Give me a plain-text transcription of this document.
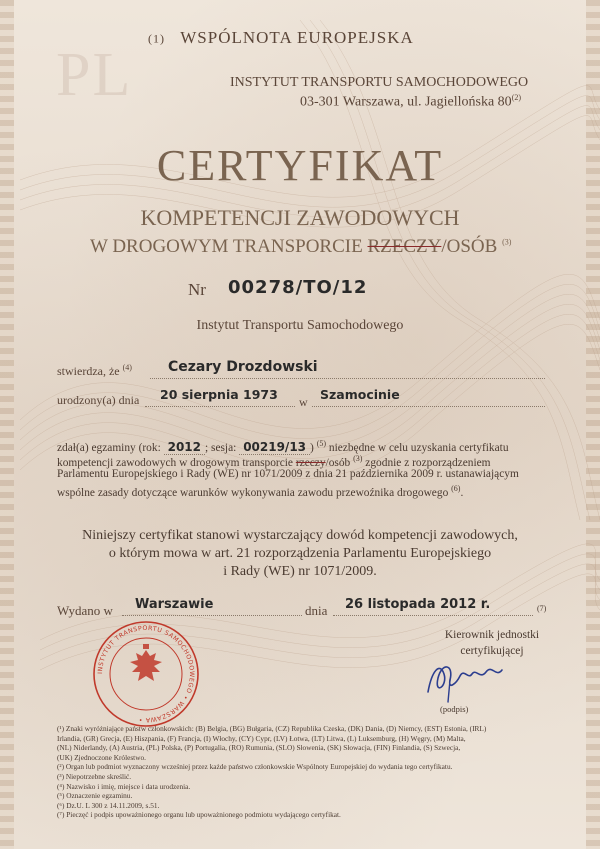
PL
(1) WSPÓLNOTA EUROPEJSKA
INSTYTUT TRANSPORTU SAMOCHODOWEGO
03-301 Warszawa, ul. Jagiellońska 80$^{(2)}$
CERTYFIKAT
KOMPETENCJI ZAWODOWYCH
W DROGOWYM TRANSPORCIE RZECZY/OSÓB $^{(3)}$
Nr 00278/TO/12
Instytut Transportu Samochodowego
stwierdza, że $^{(4)}$	Cezary Drozdowski
urodzony(a) dnia 20 sierpnia 1973 w Szamocinie
zdał(a) egzaminy (rok: 2012 ; sesja: 00219/13 ) $^{(5)}$ niezbędne w celu uzyskania certyfikatu
kompetencji zawodowych w drogowym transporcie rzeczy/osób $^{(3)}$ zgodnie z rozporządzeniem
Parlamentu Europejskiego i Rady (WE) nr 1071/2009 z dnia 21 października 2009 r. ustanawiającym
wspólne zasady dotyczące warunków wykonywania zawodu przewoźnika drogowego $^{(6)}$.
Niniejszy certyfikat stanowi wystarczający dowód kompetencji zawodowych,
o którym mowa w art. 21 rozporządzenia Parlamentu Europejskiego
i Rady (WE) nr 1071/2009.
Wydano w Warszawie	dnia 26 listopada 2012 r.	(7)
INSTYTUT TRANSPORTU SAMOCHODOWEGO • WARSZAWA •
Kierownik jednostki
certyfikującej
(podpis)
(¹) Znaki wyróżniające państw członkowskich: (B) Belgia, (BG) Bułgaria, (CZ) Republika Czeska, (DK) Dania, (D) Niemcy, (EST) Estonia, (IRL)
Irlandia, (GR) Grecja, (E) Hiszpania, (F) Francja, (I) Włochy, (CY) Cypr, (LV) Łotwa, (LT) Litwa, (L) Luksemburg, (H) Węgry, (M) Malta,
(NL) Niderlandy, (A) Austria, (PL) Polska, (P) Portugalia, (RO) Rumunia, (SLO) Słowenia, (SK) Słowacja, (FIN) Finlandia, (S) Szwecja,
(UK) Zjednoczone Królestwo.
(²) Organ lub podmiot wyznaczony wcześniej przez każde państwo członkowskie Wspólnoty Europejskiej do wydania tego certyfikatu.
(³) Niepotrzebne skreślić.
(⁴) Nazwisko i imię, miejsce i data urodzenia.
(⁵) Oznaczenie egzaminu.
(⁶) Dz.U. L 300 z 14.11.2009, s.51.
(⁷) Pieczęć i podpis upoważnionego organu lub upoważnionego podmiotu wydającego certyfikat.
